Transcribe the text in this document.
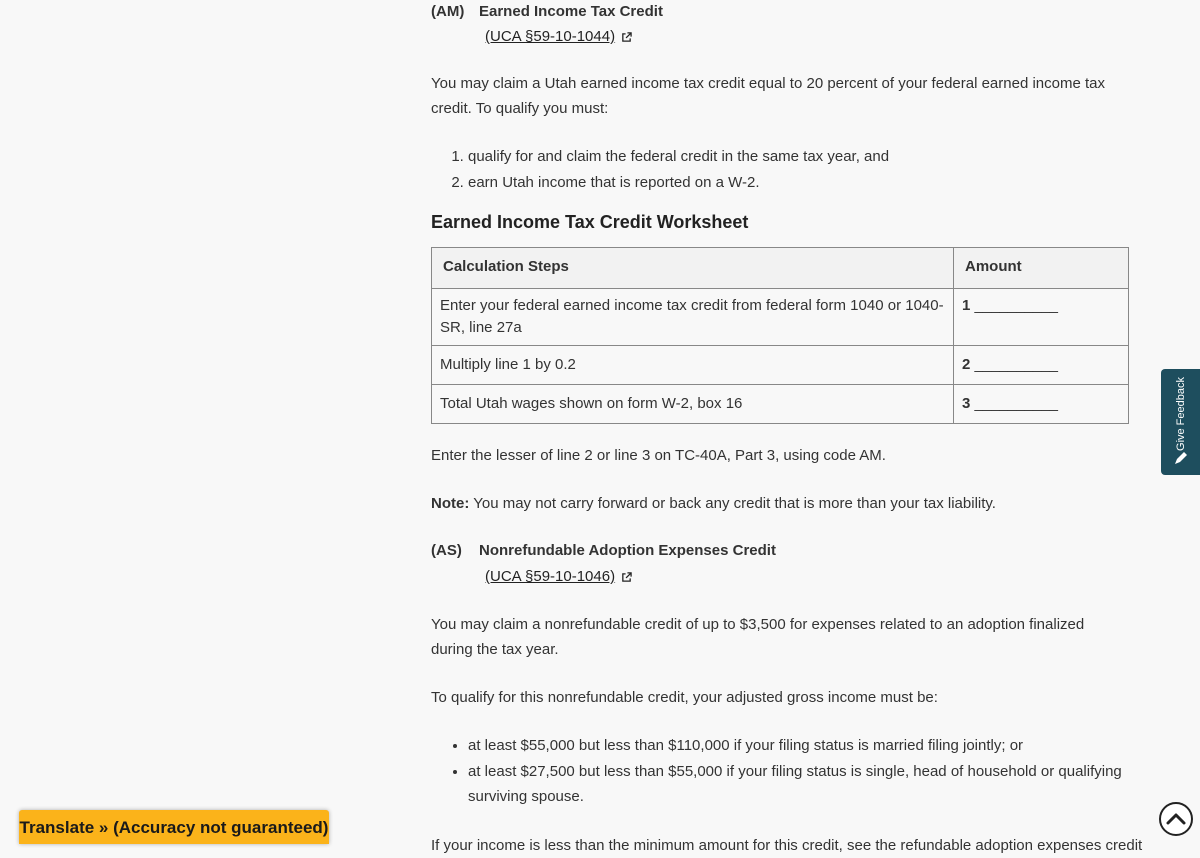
(AM) Earned Income Tax Credit
(UCA §59-10-1044)

You may claim a Utah earned income tax credit equal to 20 percent of your federal earned income tax credit. To qualify you must:

1. qualify for and claim the federal credit in the same tax year, and
2. earn Utah income that is reported on a W-2.
Earned Income Tax Credit Worksheet
Calculation Steps	Amount
Enter your federal earned income tax credit from federal form 1040 or 1040-SR, line 27a	1 __________
Multiply line 1 by 0.2	2 __________
Total Utah wages shown on form W-2, box 16	3 __________

Enter the lesser of line 2 or line 3 on TC-40A, Part 3, using code AM.

Note: You may not carry forward or back any credit that is more than your tax liability.

(AS) Nonrefundable Adoption Expenses Credit
(UCA §59-10-1046)

You may claim a nonrefundable credit of up to $3,500 for expenses related to an adoption finalized during the tax year.

To qualify for this nonrefundable credit, your adjusted gross income must be:

• at least $55,000 but less than $110,000 if your filing status is married filing jointly; or
• at least $27,500 but less than $55,000 if your filing status is single, head of household or qualifying surviving spouse.

If your income is less than the minimum amount for this credit, see the refundable adoption expenses credit

Give Feedback
Translate » (Accuracy not guaranteed)
